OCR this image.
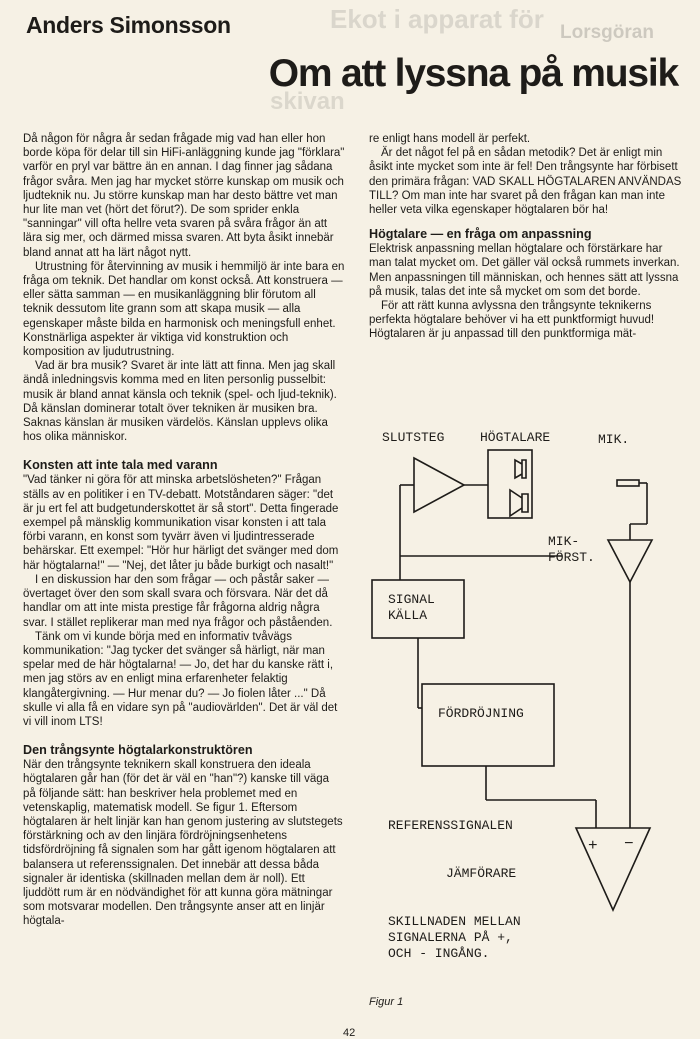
Ekot i apparat för Lorsgöran
skivan
Anders Simonsson
Om att lyssna på musik

Då någon för några år sedan frågade mig vad han eller hon borde köpa för delar till sin HiFi-anläggning kunde jag "förklara" varför en pryl var bättre än en annan. I dag finner jag sådana frågor svåra. Men jag har mycket större kunskap om musik och ljudteknik nu. Ju större kunskap man har desto bättre vet man hur lite man vet (hört det förut?). De som sprider enkla "sanningar" vill ofta hellre veta svaren på svåra frågor än att lära sig mer, och därmed missa svaren. Att byta åsikt innebär bland annat att ha lärt något nytt.

Utrustning för återvinning av musik i hemmiljö är inte bara en fråga om teknik. Det handlar om konst också. Att konstruera — eller sätta samman — en musikanläggning blir förutom all teknik dessutom lite grann som att skapa musik — alla egenskaper måste bilda en harmonisk och meningsfull enhet. Konstnärliga aspekter är viktiga vid konstruktion och komposition av ljudutrustning.

Vad är bra musik? Svaret är inte lätt att finna. Men jag skall ändå inledningsvis komma med en liten personlig pusselbit: musik är bland annat känsla och teknik (spel- och ljud-teknik). Då känslan dominerar totalt över tekniken är musiken bra. Saknas känslan är musiken värdelös. Känslan upplevs olika hos olika människor.

Konsten att inte tala med varann

"Vad tänker ni göra för att minska arbetslösheten?" Frågan ställs av en politiker i en TV-debatt. Motståndaren säger: "det är ju ert fel att budgetunderskottet är så stort". Detta fingerade exempel på mänsklig kommunikation visar konsten i att tala förbi varann, en konst som tyvärr även vi ljudintresserade behärskar. Ett exempel: "Hör hur härligt det svänger med dom här högtalarna!" — "Nej, det låter ju både burkigt och nasalt!"

I en diskussion har den som frågar — och påstår saker — övertaget över den som skall svara och försvara. När det då handlar om att inte mista prestige får frågorna aldrig några svar. I stället replikerar man med nya frågor och påståenden.

Tänk om vi kunde börja med en informativ tvåvägs kommunikation: "Jag tycker det svänger så härligt, när man spelar med de här högtalarna! — Jo, det har du kanske rätt i, men jag störs av en enligt mina erfarenheter felaktig klangåtergivning. — Hur menar du? — Jo fiolen låter ..." Då skulle vi alla få en vidare syn på "audiovärlden". Det är väl det vi vill inom LTS!

Den trångsynte högtalarkonstruktören

När den trångsynte teknikern skall konstruera den ideala högtalaren går han (för det är väl en "han"?) kanske till väga på följande sätt: han beskriver hela problemet med en vetenskaplig, matematisk modell. Se figur 1. Eftersom högtalaren är helt linjär kan han genom justering av slutstegets förstärkning och av den linjära fördröjningsenhetens tidsfördröjning få signalen som har gått igenom högtalaren att balansera ut referenssignalen. Det innebär att dessa båda signaler är identiska (skillnaden mellan dem är noll). Ett ljuddött rum är en nödvändighet för att kunna göra mätningar som motsvarar modellen. Den trångsynte anser att en linjär högtala-

re enligt hans modell är perfekt.

Är det något fel på en sådan metodik? Det är enligt min åsikt inte mycket som inte är fel! Den trångsynte har förbisett den primära frågan: VAD SKALL HÖGTALAREN ANVÄNDAS TILL? Om man inte har svaret på den frågan kan man inte heller veta vilka egenskaper högtalaren bör ha!

Högtalare — en fråga om anpassning

Elektrisk anpassning mellan högtalare och förstärkare har man talat mycket om. Det gäller väl också rummets inverkan. Men anpassningen till människan, och hennes sätt att lyssna på musik, talas det inte så mycket om som det borde.

För att rätt kunna avlyssna den trångsynte teknikerns perfekta högtalare behöver vi ha ett punktformigt huvud! Högtalaren är ju anpassad till den punktformiga mät-

SLUTSTEG	HÖGTALARE	MIK.
MIK-
FÖRST.
SIGNAL
KÄLLA
FÖRDRÖJNING
REFERENSSIGNALEN
+ −
JÄMFÖRARE
SKILLNADEN MELLAN
SIGNALERNA PÅ +,
OCH - INGÅNG.
Figur 1
42
